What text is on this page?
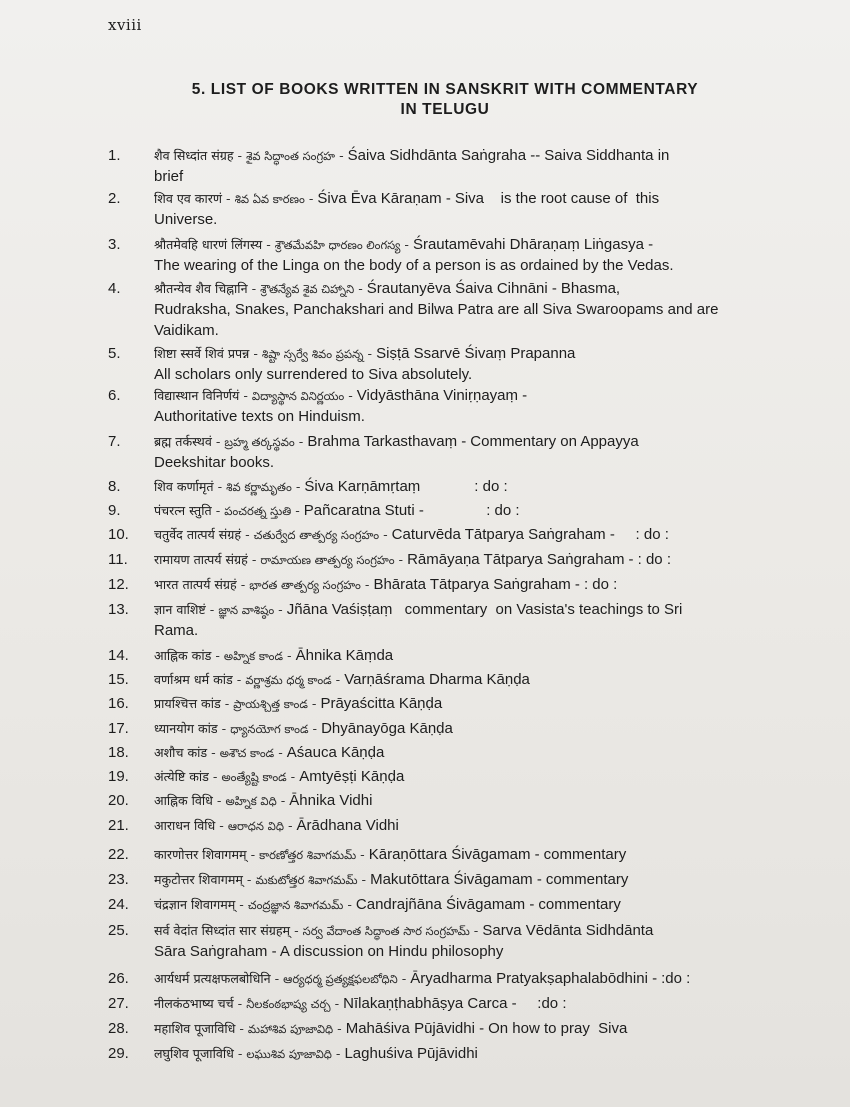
xviii
5. LIST OF BOOKS WRITTEN IN SANSKRIT WITH COMMENTARY
IN TELUGU
1.	शैव सिध्दांत संग्रह - శైవ సిద్ధాంత సంగ్రహ - Śaiva Sidhdānta Saṅgraha -- Saiva Siddhanta in
brief
2.	शिव एव कारणं - శివ ఏవ కారణం - Śiva Ēva Kāraṇam - Siva    is the root cause of  this
Universe.
3.	श्रौतमेवहि धारणं लिंगस्य - శ్రౌతమేవహి ధారణం లింగస్య - Śrautamēvahi Dhāraṇaṃ Liṅgasya -
The wearing of the Linga on the body of a person is as ordained by the Vedas.
4.	श्रौतन्येव शैव चिह्नानि - శ్రౌతన్యేవ శైవ చిహ్నాని - Śrautanyēva Śaiva Cihnāni - Bhasma,
Rudraksha, Snakes, Panchakshari and Bilwa Patra are all Siva Swaroopams and are
Vaidikam.
5.	शिष्टा स्सर्वे शिवं प्रपन्न - శిష్టా స్సర్వే శివం ప్రపన్న - Siṣṭā Ssarvē Śivaṃ Prapanna
All scholars only surrendered to Siva absolutely.
6.	विद्यास्थान विनिर्णयं - విద్యాస్థాన వినిర్ణయం - Vidyāsthāna Viniṛṇayaṃ -
Authoritative texts on Hinduism.
7.	ब्रह्म तर्कस्थवं - బ్రహ్మ తర్కస్థవం - Brahma Tarkasthavaṃ - Commentary on Appayya
Deekshitar books.
8.	शिव कर्णामृतं - శివ కర్ణామృతం - Śiva Karṇāmṛtaṃ             : do :
9.	पंचरत्न स्तुति - పంచరత్న స్తుతి - Pañcaratna Stuti -               : do :
10. चतुर्वेद तात्पर्य संग्रहं - చతుర్వేద తాత్పర్య సంగ్రహం - Caturvēda Tātparya Saṅgraham -     : do :
11. रामायण तात्पर्य संग्रहं - రామాయణ తాత్పర్య సంగ్రహం - Rāmāyaṇa Tātparya Saṅgraham - : do :
12. भारत तात्पर्य संग्रहं - భారత తాత్పర్య సంగ్రహం - Bhārata Tātparya Saṅgraham - : do :
13. ज्ञान वाशिष्टं - జ్ఞాన వాశిష్ఠం - Jñāna Vaśiṣṭaṃ   commentary  on Vasista's teachings to Sri
Rama.
14. आह्निक कांड - అహ్నిక కాండ - Āhnika Kāṃda
15. वर्णाश्रम धर्म कांड - వర్ణాశ్రమ ధర్మ కాండ - Varṇāśrama Dharma Kāṇḍa
16. प्रायश्चित्त कांड - ప్రాయశ్చిత్త కాండ - Prāyaścitta Kāṇḍa
17. ध्यानयोग कांड - ధ్యానయోగ కాండ - Dhyānayōga Kāṇḍa
18. अशौच कांड - అశౌచ కాండ - Aśauca Kāṇḍa
19. अंत्येष्टि कांड - అంత్యేష్టి కాండ - Amtyēṣṭi Kāṇḍa
20. आह्निक विधि - అహ్నిక విధి - Āhnika Vidhi
21. आराधन विधि - ఆరాధన విధి - Ārādhana Vidhi
22. कारणोत्तर शिवागमम् - కారణోత్తర శివాగమమ్ - Kāraṇōttara Śivāgamam - commentary
23. मकुटोत्तर शिवागमम् - మకుటోత్తర శివాగమమ్ - Makutōttara Śivāgamam - commentary
24. चंद्रज्ञान शिवागमम् - చంద్రజ్ఞాన శివాగమమ్ - Candrajñāna Śivāgamam - commentary
25. सर्व वेदांत सिध्दांत सार संग्रहम् - సర్వ వేదాంత సిద్ధాంత సార సంగ్రహమ్ - Sarva Vēdānta Sidhdānta
Sāra Saṅgraham - A discussion on Hindu philosophy
26. आर्यधर्म प्रत्यक्षफलबोधिनि - ఆర్యధర్మ ప్రత్యక్షఫలబోధిని - Āryadharma Pratyakṣaphalabōdhini - :do :
27. नीलकंठभाष्य चर्च - నీలకంఠభాష్య చర్చ - Nīlakaṇṭhabhāṣya Carca -     :do :
28. महाशिव पूजाविधि - మహాశివ పూజావిధి - Mahāśiva Pūjāvidhi - On how to pray  Siva
29. लघुशिव पूजाविधि - లఘుశివ పూజావిధి - Laghuśiva Pūjāvidhi
